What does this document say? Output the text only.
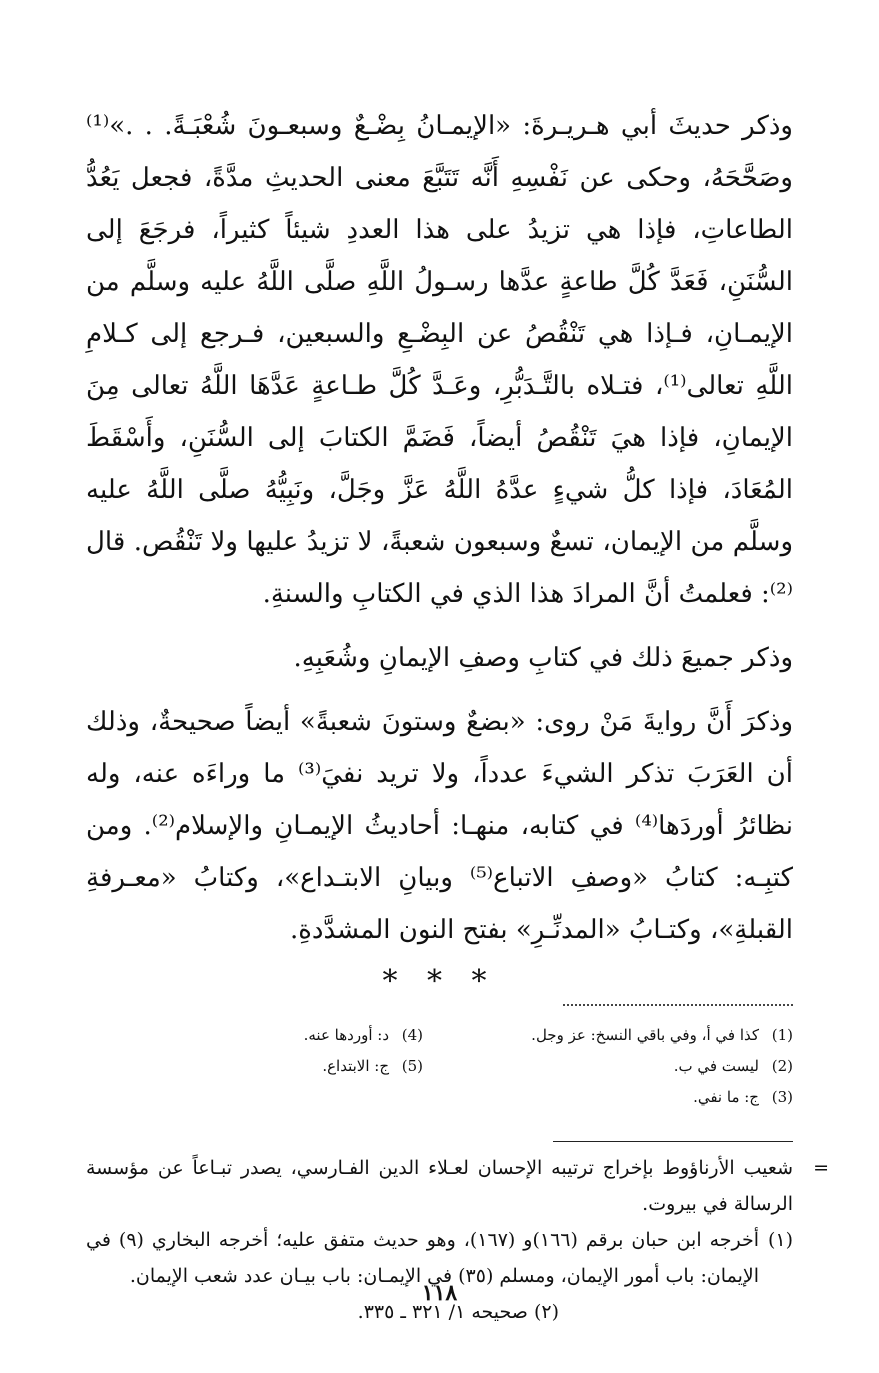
وذكر حديثَ أبي هـريـرةَ: «الإيمـانُ بِضْـعٌ وسبعـونَ شُعْبَـةً. . .»⁽¹⁾ وصَحَّحَهُ، وحكى عن نَفْسِهِ أَنَّه تَتَبَّعَ معنى الحديثِ مدَّةً، فجعل يَعُدُّ الطاعاتِ، فإذا هي تزيدُ على هذا العددِ شيئاً كثيراً، فرجَعَ إلى السُّنَنِ، فَعَدَّ كُلَّ طاعةٍ عدَّها رسـولُ اللَّهِ صلَّى اللَّهُ عليه وسلَّم من الإيمـانِ، فـإذا هي تَنْقُصُ عن البِضْـعِ والسبعين، فـرجع إلى كـلامِ اللَّهِ تعالى⁽¹⁾، فتـلاه بالتَّـدَبُّرِ، وعَـدَّ كُلَّ طـاعةٍ عَدَّهَا اللَّهُ تعالى مِنَ الإيمانِ، فإذا هيَ تَنْقُصُ أيضاً، فَضَمَّ الكتابَ إلى السُّنَنِ، وأَسْقَطَ المُعَادَ، فإذا كلُّ شيءٍ عدَّهُ اللَّهُ عَزَّ وجَلَّ، ونَبِيُّهُ صلَّى اللَّهُ عليه وسلَّم من الإيمان، تسعٌ وسبعون شعبةً، لا تزيدُ عليها ولا تَنْقُص. قال ⁽²⁾: فعلمتُ أنَّ المرادَ هذا الذي في الكتابِ والسنةِ.

وذكر جميعَ ذلك في كتابِ وصفِ الإيمانِ وشُعَبِهِ.

وذكرَ أَنَّ روايةَ مَنْ روى: «بضعٌ وستونَ شعبةً» أيضاً صحيحةٌ، وذلك أن العَرَبَ تذكر الشيءَ عدداً، ولا تريد نفيَ⁽³⁾ ما وراءَه عنه، وله نظائرُ أوردَها⁽⁴⁾ في كتابه، منهـا: أحاديثُ الإيمـانِ والإسلام⁽²⁾. ومن كتبِـه: كتابُ «وصفِ الاتباع⁽⁵⁾ وبيانِ الابتـداع»، وكتابُ «معـرفةِ القبلةِ»، وكتـابُ «المدنِّـرِ» بفتح النون المشدَّدةِ.

* * *
(1)كذا في أ، وفي باقي النسخ: عز وجل.
(4)د: أوردها عنه.
(2)ليست في ب.
(5)ج: الابتداع.
(3)ج: ما نفي.
=
شعيب الأرناؤوط بإخراج ترتيبه الإحسان لعـلاء الدين الفـارسي، يصدر تبـاعاً عن مؤسسة الرسالة في بيروت.
(١)
أخرجه ابن حبان برقم (١٦٦)و (١٦٧)، وهو حديث متفق عليه؛ أخرجه البخاري (٩) في الإيمان: باب أمور الإيمان، ومسلم (٣٥) في الإيمـان: باب بيـان عدد شعب الإيمان.
(٢) صحيحه ١/ ٣٢١ ـ ٣٣٥.
١١٨
